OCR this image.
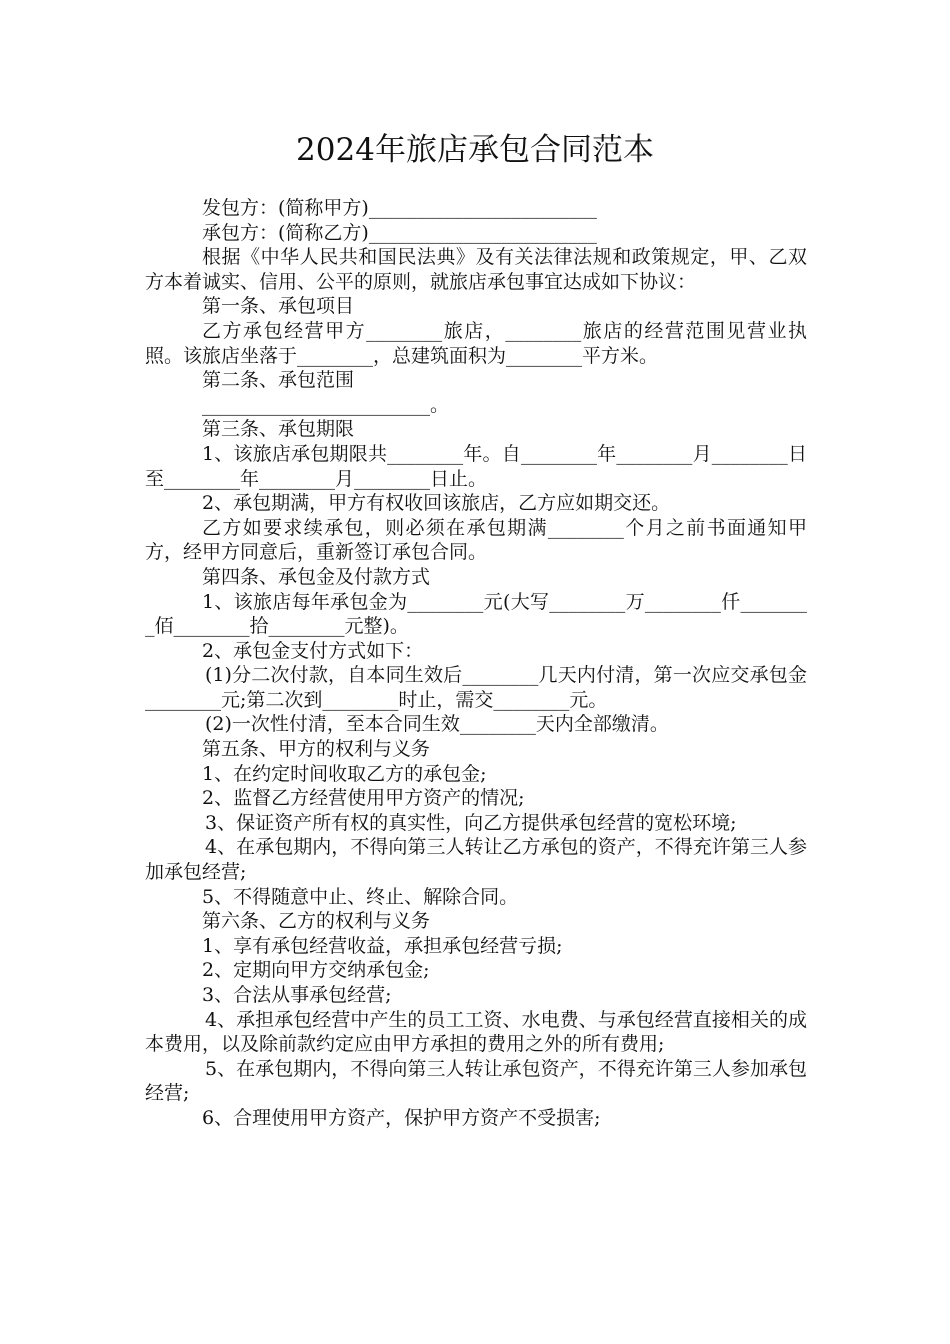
2024年旅店承包合同范本

发包方：(简称甲方)________________________

承包方：(简称乙方)________________________

根据《中华人民共和国民法典》及有关法律法规和政策规定，甲、乙双方本着诚实、信用、公平的原则，就旅店承包事宜达成如下协议：

第一条、承包项目

乙方承包经营甲方________旅店，________旅店的经营范围见营业执照。该旅店坐落于________，总建筑面积为________平方米。

第二条、承包范围

________________________。

第三条、承包期限

1、该旅店承包期限共________年。自________年________月________日至________年________月________日止。

2、承包期满，甲方有权收回该旅店，乙方应如期交还。

乙方如要求续承包，则必须在承包期满________个月之前书面通知甲方，经甲方同意后，重新签订承包合同。

第四条、承包金及付款方式

1、该旅店每年承包金为________元(大写________万________仟________佰________拾________元整)。

2、承包金支付方式如下：

(1)分二次付款，自本同生效后________几天内付清，第一次应交承包金________元;第二次到________时止，需交________元。

(2)一次性付清，至本合同生效________天内全部缴清。

第五条、甲方的权利与义务

1、在约定时间收取乙方的承包金;

2、监督乙方经营使用甲方资产的情况;

3、保证资产所有权的真实性，向乙方提供承包经营的宽松环境;

4、在承包期内，不得向第三人转让乙方承包的资产，不得充许第三人参加承包经营;

5、不得随意中止、终止、解除合同。

第六条、乙方的权利与义务

1、享有承包经营收益，承担承包经营亏损;

2、定期向甲方交纳承包金;

3、合法从事承包经营;

4、承担承包经营中产生的员工工资、水电费、与承包经营直接相关的成本费用，以及除前款约定应由甲方承担的费用之外的所有费用;

5、在承包期内，不得向第三人转让承包资产，不得充许第三人参加承包经营;

6、合理使用甲方资产，保护甲方资产不受损害;
